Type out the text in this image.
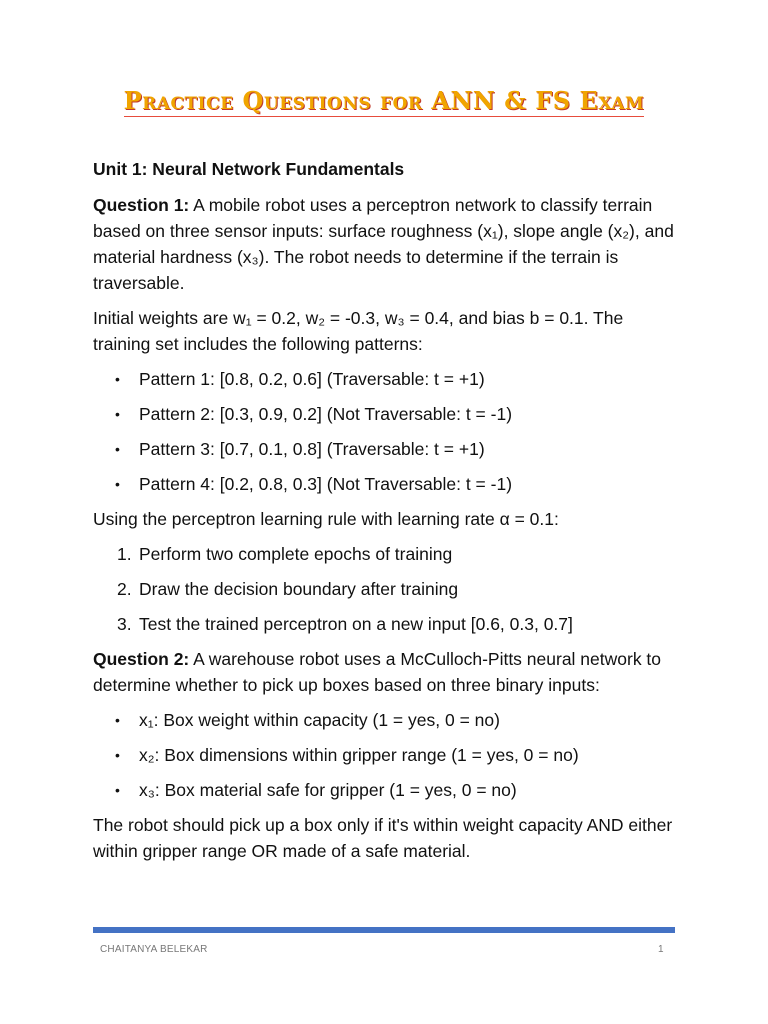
Practice Questions for ANN & FS Exam

Unit 1: Neural Network Fundamentals

Question 1: A mobile robot uses a perceptron network to classify terrain based on three sensor inputs: surface roughness (x₁), slope angle (x₂), and material hardness (x₃). The robot needs to determine if the terrain is traversable.

Initial weights are w₁ = 0.2, w₂ = -0.3, w₃ = 0.4, and bias b = 0.1. The training set includes the following patterns:

• Pattern 1: [0.8, 0.2, 0.6] (Traversable: t = +1)
• Pattern 2: [0.3, 0.9, 0.2] (Not Traversable: t = -1)
• Pattern 3: [0.7, 0.1, 0.8] (Traversable: t = +1)
• Pattern 4: [0.2, 0.8, 0.3] (Not Traversable: t = -1)

Using the perceptron learning rule with learning rate α = 0.1:

1. Perform two complete epochs of training
2. Draw the decision boundary after training
3. Test the trained perceptron on a new input [0.6, 0.3, 0.7]

Question 2: A warehouse robot uses a McCulloch-Pitts neural network to determine whether to pick up boxes based on three binary inputs:

• x₁: Box weight within capacity (1 = yes, 0 = no)
• x₂: Box dimensions within gripper range (1 = yes, 0 = no)
• x₃: Box material safe for gripper (1 = yes, 0 = no)

The robot should pick up a box only if it's within weight capacity AND either within gripper range OR made of a safe material.

CHAITANYA BELEKAR	1
